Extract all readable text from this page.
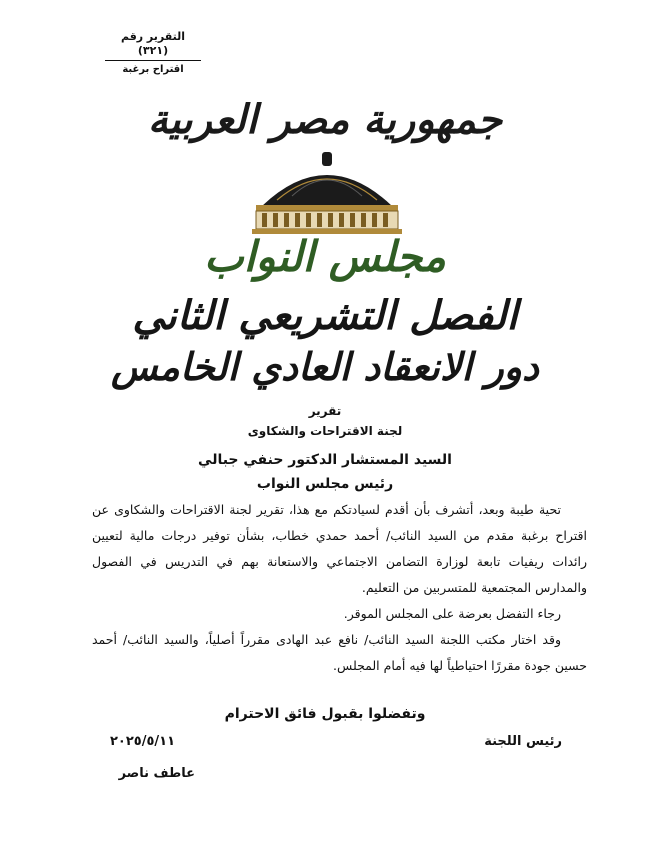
التقرير رقم (٣٢١)
اقتراح برغبة
جمهورية مصر العربية
مجلس النواب
الفصل التشريعي الثاني
دور الانعقاد العادي الخامس
تقرير
لجنة الاقتراحات والشكاوى
السيد المستشار الدكتور حنفي جبالي
رئيس مجلس النواب

تحية طيبة وبعد، أتشرف بأن أقدم لسيادتكم مع هذا، تقرير لجنة الاقتراحات والشكاوى عن اقتراح برغبة مقدم من السيد النائب/ أحمد حمدي خطاب، بشأن توفير درجات مالية لتعيين رائدات ريفيات تابعة لوزارة التضامن الاجتماعي والاستعانة بهم في التدريس في الفصول والمدارس المجتمعية للمتسربين من التعليم.

رجاء التفضل بعرضة على المجلس الموقر.

وقد اختار مكتب اللجنة السيد النائب/ نافع عبد الهادى مقرراً أصلياً، والسيد النائب/ أحمد حسين جودة مقررًا احتياطياً لها فيه أمام المجلس.

وتفضلوا بقبول فائق الاحترام
رئيس اللجنة
٢٠٢٥/٥/١١
عاطف ناصر
